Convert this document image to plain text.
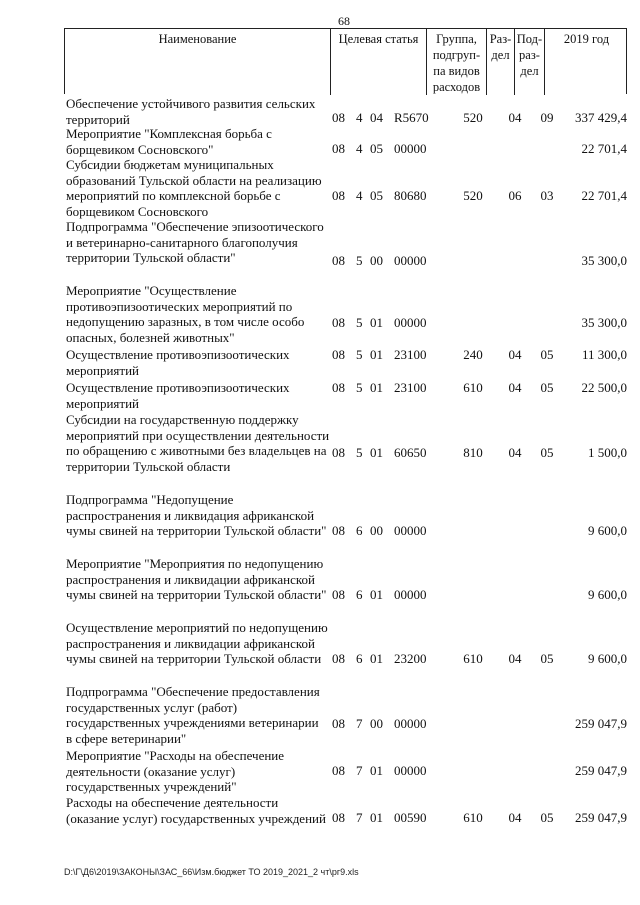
68
Наименование	Целевая статья	Группа,
подгруп-
па видов
расходов
Раз-
дел
Под-
раз-
дел
2019 год
Обеспечение устойчивого развития сельских
территорий	08 4 04 R5670	520	04	09	337 429,4
Мероприятие "Комплексная борьба с
борщевиком Сосновского"	08 4 05 00000	22 701,4
Субсидии бюджетам муниципальных
образований Тульской области на реализацию
мероприятий по комплексной борьбе с
борщевиком Сосновского
08 4 05 80680	520	06	03	22 701,4
Подпрограмма "Обеспечение эпизоотического
и ветеринарно-санитарного благополучия
территории Тульской области"	08 5 00 00000	35 300,0
Мероприятие "Осуществление
противоэпизоотических мероприятий по
недопущению заразных, в том числе особо
опасных, болезней животных"
08 5 01 00000	35 300,0
Осуществление противоэпизоотических
мероприятий
08 5 01 23100	240	04	05	11 300,0
Осуществление противоэпизоотических
мероприятий
08 5 01 23100	610	04	05	22 500,0
Субсидии на государственную поддержку
мероприятий при осуществлении деятельности
по обращению с животными без владельцев на
территории Тульской области
08 5 01 60650	810	04	05	1 500,0
Подпрограмма "Недопущение
распространения и ликвидация африканской
чумы свиней на территории Тульской области" 08 6 00 00000	9 600,0
Мероприятие "Мероприятия по недопущению
распространения и ликвидации африканской
чумы свиней на территории Тульской области" 08 6 01 00000	9 600,0
Осуществление мероприятий по недопущению
распространения и ликвидации африканской
чумы свиней на территории Тульской области 08 6 01 23200	610	04	05	9 600,0
Подпрограмма "Обеспечение предоставления
государственных услуг (работ)
государственных учреждениями ветеринарии
в сфере ветеринарии"
08 7 00 00000	259 047,9
Мероприятие "Расходы на обеспечение
деятельности (оказание услуг)
государственных учреждений"
08 7 01 00000	259 047,9
Расходы на обеспечение деятельности
(оказание услуг) государственных учреждений 08 7 01 00590	610	04	05	259 047,9
D:\Г\Д6\2019\ЗАКОНЫ\ЗАС_66\Изм.бюджет ТО 2019_2021_2 чт\рг9.xls
